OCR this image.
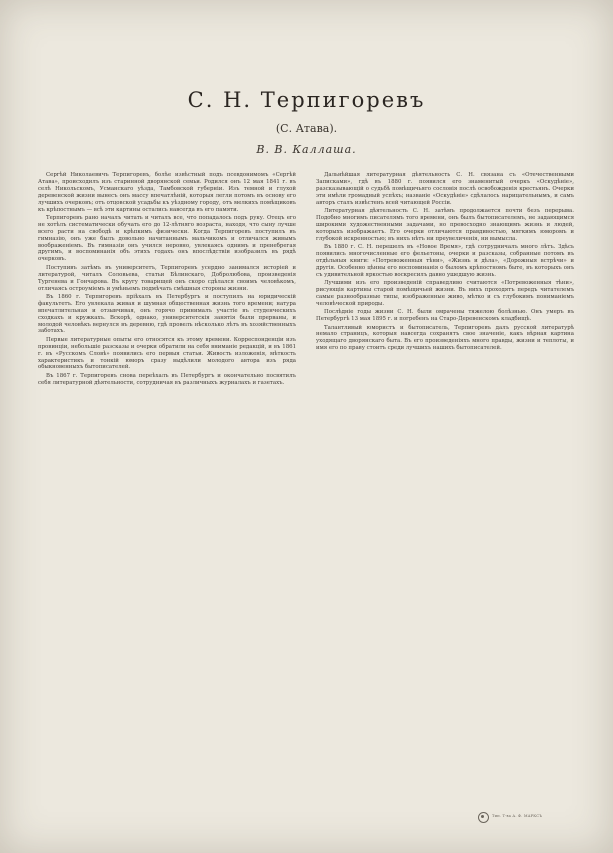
С. Н. Терпигоревъ
(С. Атава).
В. В. Каллаша.

Сергѣй Николаевичъ Терпигоревъ, болѣе извѣстный подъ псевдонимомъ «Сергѣй Атава», происходилъ изъ старинной дворянской семьи. Родился онъ 12 мая 1841 г. въ селѣ Никольскомъ, Усманскаго уѣзда, Тамбовской губерніи. Изъ темной и глухой деревенской жизни вынесъ онъ массу впечатлѣній, которыя легли потомъ въ основу его лучшихъ очерковъ; отъ отцовской усадьбы къ уѣздному городу, отъ мелкихъ помѣщиковъ къ крѣпостнымъ — всѣ эти картины остались навсегда въ его памяти.

Терпигоревъ рано началъ читать и читалъ все, что попадалось подъ руку. Отецъ его не хотѣлъ систематически обучать его до 12-лѣтняго возраста, находя, что сыну лучше всего расти на свободѣ и крѣпкимъ физически. Когда Терпигоревъ поступилъ въ гимназію, онъ уже былъ довольно начитаннымъ мальчикомъ и отличался живымъ воображеніемъ. Въ гимназіи онъ учился неровно, увлекаясь однимъ и пренебрегая другимъ, и воспоминанія объ этихъ годахъ онъ впослѣдствіи изобразилъ въ рядѣ очерковъ.

Поступивъ затѣмъ въ университетъ, Терпигоревъ усердно занимался исторіей и литературой, читалъ Соловьева, статьи Бѣлинскаго, Добролюбова, произведенія Тургенева и Гончарова. Въ кругу товарищей онъ скоро сдѣлался своимъ человѣкомъ, отличаясь остроуміемъ и умѣньемъ подмѣчать смѣшныя стороны жизни.

Въ 1860 г. Терпигоревъ пріѣхалъ въ Петербургъ и поступилъ на юридическій факультетъ. Его увлекала живая и шумная общественная жизнь того времени; натура впечатлительная и отзывчивая, онъ горячо принималъ участіе въ студенческихъ сходкахъ и кружкахъ. Вскорѣ, однако, университетскія занятія были прерваны, и молодой человѣкъ вернулся въ деревню, гдѣ провелъ нѣсколько лѣтъ въ хозяйственныхъ заботахъ.

Первые литературные опыты его относятся къ этому времени. Корреспонденціи изъ провинціи, небольшіе разсказы и очерки обратили на себя вниманіе редакцій, и въ 1861 г. въ «Русскомъ Словѣ» появились его первыя статьи. Живость изложенія, мѣткость характеристикъ и тонкій юморъ сразу выдѣлили молодого автора изъ ряда обыкновенныхъ бытописателей.

Въ 1867 г. Терпигоревъ снова переѣхалъ въ Петербургъ и окончательно посвятилъ себя литературной дѣятельности, сотрудничая въ различныхъ журналахъ и газетахъ.

Дальнѣйшая литературная дѣятельность С. Н. связана съ «Отечественными Записками», гдѣ въ 1880 г. появился его знаменитый очеркъ «Оскудѣніе», разсказывающій о судьбѣ помѣщичьяго сословія послѣ освобожденія крестьянъ. Очерки эти имѣли громадный успѣхъ; названіе «Оскудѣніе» сдѣлалось нарицательнымъ, и самъ авторъ сталъ извѣстенъ всей читающей Россіи.

Литературная дѣятельность С. Н. затѣмъ продолжается почти безъ перерыва. Подобно многимъ писателямъ того времени, онъ былъ бытописателемъ, не задающимся широкими художественными задачами, но превосходно знающимъ жизнь и людей, которыхъ изображаетъ. Его очерки отличаются правдивостью, мягкимъ юморомъ и глубокой искренностью; въ нихъ нѣтъ ни преувеличенія, ни вымысла.

Въ 1880 г. С. Н. перешелъ въ «Новое Время», гдѣ сотрудничалъ много лѣтъ. Здѣсь появились многочисленные его фельетоны, очерки и разсказы, собранные потомъ въ отдѣльныя книги: «Потревоженныя тѣни», «Жизнь и дѣла», «Дорожныя встрѣчи» и другія. Особенно цѣнны его воспоминанія о быломъ крѣпостномъ быте, въ которыхъ онъ съ удивительной яркостью воскресилъ давно ушедшую жизнь.

Лучшими изъ его произведеній справедливо считаются «Потревоженныя тѣни», рисующія картины старой помѣщичьей жизни. Въ нихъ проходятъ передъ читателемъ самые разнообразные типы, изображенные живо, мѣтко и съ глубокимъ пониманіемъ человѣческой природы.

Послѣдніе годы жизни С. Н. были омрачены тяжелою болѣзнью. Онъ умеръ въ Петербургѣ 13 мая 1895 г. и погребенъ на Старо-Деревенскомъ кладбищѣ.

Талантливый юмористъ и бытописатель, Терпигоревъ далъ русской литературѣ немало страницъ, которыя навсегда сохранятъ свое значеніе, какъ вѣрная картина уходящаго дворянскаго быта. Въ его произведеніяхъ много правды, жизни и теплоты, и имя его по праву стоитъ среди лучшихъ нашихъ бытописателей.

Тип. Т-ва А. Ф. МАРКСЪ
